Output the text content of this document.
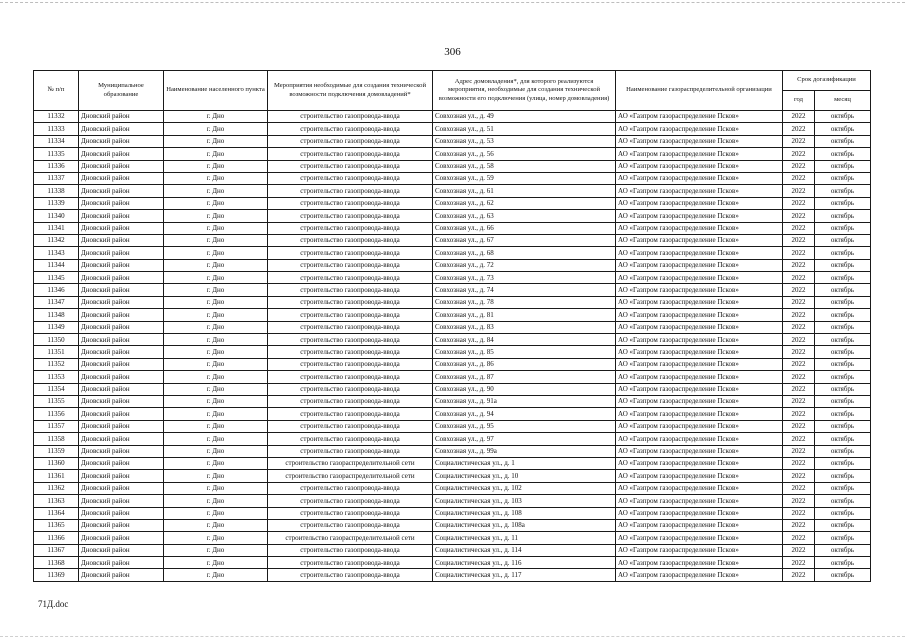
306
№ п/п	Муниципальное образование	Наименование населенного пункта	Мероприятия необходимые для создания технической возможности подключения домовладений*	Адрес домовладения*, для которого реализуются мероприятия, необходимые для создания технической возможности его подключения (улица, номер домовладения)	Наименование газораспределительной организации	Срок догазификации	
						год	месяц
11332	Дновский район	г. Дно	строительство газопровода-ввода	Совхозная ул., д. 49	АО «Газпром газораспределение Псков»	2022	октябрь
11333	Дновский район	г. Дно	строительство газопровода-ввода	Совхозная ул., д. 51	АО «Газпром газораспределение Псков»	2022	октябрь
11334	Дновский район	г. Дно	строительство газопровода-ввода	Совхозная ул., д. 53	АО «Газпром газораспределение Псков»	2022	октябрь
11335	Дновский район	г. Дно	строительство газопровода-ввода	Совхозная ул., д. 56	АО «Газпром газораспределение Псков»	2022	октябрь
11336	Дновский район	г. Дно	строительство газопровода-ввода	Совхозная ул., д. 58	АО «Газпром газораспределение Псков»	2022	октябрь
11337	Дновский район	г. Дно	строительство газопровода-ввода	Совхозная ул., д. 59	АО «Газпром газораспределение Псков»	2022	октябрь
11338	Дновский район	г. Дно	строительство газопровода-ввода	Совхозная ул., д. 61	АО «Газпром газораспределение Псков»	2022	октябрь
11339	Дновский район	г. Дно	строительство газопровода-ввода	Совхозная ул., д. 62	АО «Газпром газораспределение Псков»	2022	октябрь
11340	Дновский район	г. Дно	строительство газопровода-ввода	Совхозная ул., д. 63	АО «Газпром газораспределение Псков»	2022	октябрь
11341	Дновский район	г. Дно	строительство газопровода-ввода	Совхозная ул., д. 66	АО «Газпром газораспределение Псков»	2022	октябрь
11342	Дновский район	г. Дно	строительство газопровода-ввода	Совхозная ул., д. 67	АО «Газпром газораспределение Псков»	2022	октябрь
11343	Дновский район	г. Дно	строительство газопровода-ввода	Совхозная ул., д. 68	АО «Газпром газораспределение Псков»	2022	октябрь
11344	Дновский район	г. Дно	строительство газопровода-ввода	Совхозная ул., д. 72	АО «Газпром газораспределение Псков»	2022	октябрь
11345	Дновский район	г. Дно	строительство газопровода-ввода	Совхозная ул., д. 73	АО «Газпром газораспределение Псков»	2022	октябрь
11346	Дновский район	г. Дно	строительство газопровода-ввода	Совхозная ул., д. 74	АО «Газпром газораспределение Псков»	2022	октябрь
11347	Дновский район	г. Дно	строительство газопровода-ввода	Совхозная ул., д. 78	АО «Газпром газораспределение Псков»	2022	октябрь
11348	Дновский район	г. Дно	строительство газопровода-ввода	Совхозная ул., д. 81	АО «Газпром газораспределение Псков»	2022	октябрь
11349	Дновский район	г. Дно	строительство газопровода-ввода	Совхозная ул., д. 83	АО «Газпром газораспределение Псков»	2022	октябрь
11350	Дновский район	г. Дно	строительство газопровода-ввода	Совхозная ул., д. 84	АО «Газпром газораспределение Псков»	2022	октябрь
11351	Дновский район	г. Дно	строительство газопровода-ввода	Совхозная ул., д. 85	АО «Газпром газораспределение Псков»	2022	октябрь
11352	Дновский район	г. Дно	строительство газопровода-ввода	Совхозная ул., д. 86	АО «Газпром газораспределение Псков»	2022	октябрь
11353	Дновский район	г. Дно	строительство газопровода-ввода	Совхозная ул., д. 87	АО «Газпром газораспределение Псков»	2022	октябрь
11354	Дновский район	г. Дно	строительство газопровода-ввода	Совхозная ул., д. 90	АО «Газпром газораспределение Псков»	2022	октябрь
11355	Дновский район	г. Дно	строительство газопровода-ввода	Совхозная ул., д. 91а	АО «Газпром газораспределение Псков»	2022	октябрь
11356	Дновский район	г. Дно	строительство газопровода-ввода	Совхозная ул., д. 94	АО «Газпром газораспределение Псков»	2022	октябрь
11357	Дновский район	г. Дно	строительство газопровода-ввода	Совхозная ул., д. 95	АО «Газпром газораспределение Псков»	2022	октябрь
11358	Дновский район	г. Дно	строительство газопровода-ввода	Совхозная ул., д. 97	АО «Газпром газораспределение Псков»	2022	октябрь
11359	Дновский район	г. Дно	строительство газопровода-ввода	Совхозная ул., д. 99а	АО «Газпром газораспределение Псков»	2022	октябрь
11360	Дновский район	г. Дно	строительство газораспределительной сети	Социалистическая ул., д. 1	АО «Газпром газораспределение Псков»	2022	октябрь
11361	Дновский район	г. Дно	строительство газораспределительной сети	Социалистическая ул., д. 10	АО «Газпром газораспределение Псков»	2022	октябрь
11362	Дновский район	г. Дно	строительство газопровода-ввода	Социалистическая ул., д. 102	АО «Газпром газораспределение Псков»	2022	октябрь
11363	Дновский район	г. Дно	строительство газопровода-ввода	Социалистическая ул., д. 103	АО «Газпром газораспределение Псков»	2022	октябрь
11364	Дновский район	г. Дно	строительство газопровода-ввода	Социалистическая ул., д. 108	АО «Газпром газораспределение Псков»	2022	октябрь
11365	Дновский район	г. Дно	строительство газопровода-ввода	Социалистическая ул., д. 108а	АО «Газпром газораспределение Псков»	2022	октябрь
11366	Дновский район	г. Дно	строительство газораспределительной сети	Социалистическая ул., д. 11	АО «Газпром газораспределение Псков»	2022	октябрь
11367	Дновский район	г. Дно	строительство газопровода-ввода	Социалистическая ул., д. 114	АО «Газпром газораспределение Псков»	2022	октябрь
11368	Дновский район	г. Дно	строительство газопровода-ввода	Социалистическая ул., д. 116	АО «Газпром газораспределение Псков»	2022	октябрь
11369	Дновский район	г. Дно	строительство газопровода-ввода	Социалистическая ул., д. 117	АО «Газпром газораспределение Псков»	2022	октябрь
71Д.doc
